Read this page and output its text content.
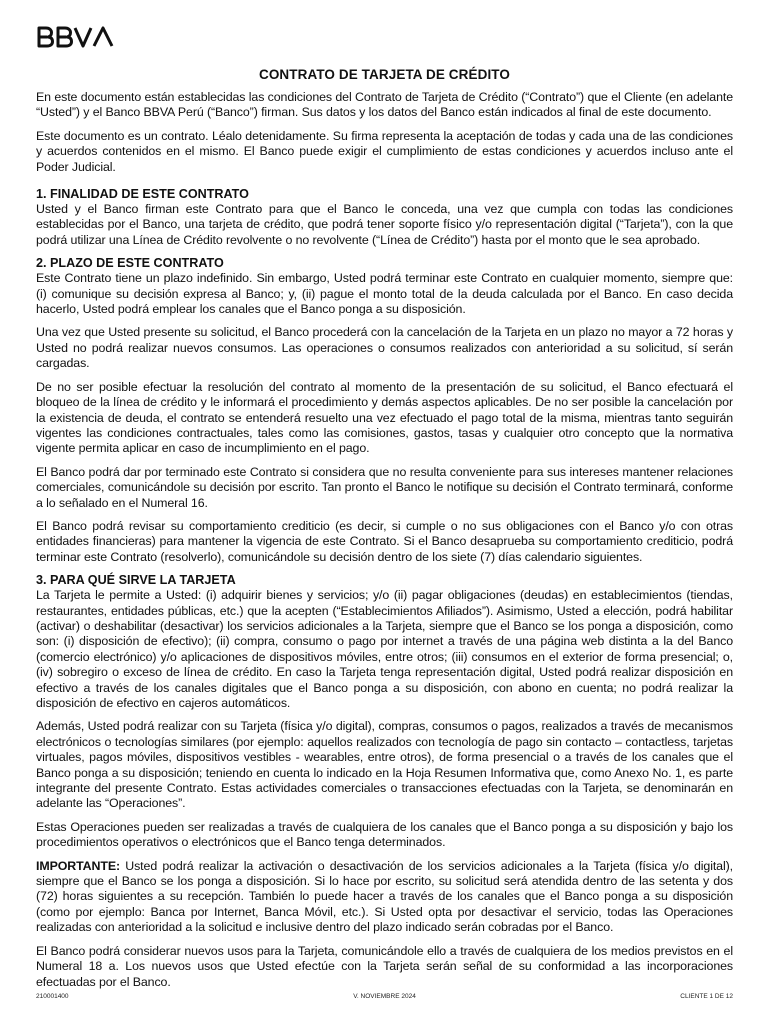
CONTRATO DE TARJETA DE CRÉDITO

En este documento están establecidas las condiciones del Contrato de Tarjeta de Crédito (“Contrato”) que el Cliente (en adelante “Usted”) y el Banco BBVA Perú (“Banco”) firman. Sus datos y los datos del Banco están indicados al final de este documento.

Este documento es un contrato. Léalo detenidamente. Su firma representa la aceptación de todas y cada una de las condiciones y acuerdos contenidos en el mismo. El Banco puede exigir el cumplimiento de estas condiciones y acuerdos incluso ante el Poder Judicial.

1. FINALIDAD DE ESTE CONTRATO

Usted y el Banco firman este Contrato para que el Banco le conceda, una vez que cumpla con todas las condiciones establecidas por el Banco, una tarjeta de crédito, que podrá tener soporte físico y/o representación digital (“Tarjeta”), con la que podrá utilizar una Línea de Crédito revolvente o no revolvente (“Línea de Crédito”) hasta por el monto que le sea aprobado.

2. PLAZO DE ESTE CONTRATO

Este Contrato tiene un plazo indefinido. Sin embargo, Usted podrá terminar este Contrato en cualquier momento, siempre que: (i) comunique su decisión expresa al Banco; y, (ii) pague el monto total de la deuda calculada por el Banco. En caso decida hacerlo, Usted podrá emplear los canales que el Banco ponga a su disposición.

Una vez que Usted presente su solicitud, el Banco procederá con la cancelación de la Tarjeta en un plazo no mayor a 72 horas y Usted no podrá realizar nuevos consumos. Las operaciones o consumos realizados con anterioridad a su solicitud, sí serán cargadas.

De no ser posible efectuar la resolución del contrato al momento de la presentación de su solicitud, el Banco efectuará el bloqueo de la línea de crédito y le informará el procedimiento y demás aspectos aplicables. De no ser posible la cancelación por la existencia de deuda, el contrato se entenderá resuelto una vez efectuado el pago total de la misma, mientras tanto seguirán vigentes las condiciones contractuales, tales como las comisiones, gastos, tasas y cualquier otro concepto que la normativa vigente permita aplicar en caso de incumplimiento en el pago.

El Banco podrá dar por terminado este Contrato si considera que no resulta conveniente para sus intereses mantener relaciones comerciales, comunicándole su decisión por escrito. Tan pronto el Banco le notifique su decisión el Contrato terminará, conforme a lo señalado en el Numeral 16.

El Banco podrá revisar su comportamiento crediticio (es decir, si cumple o no sus obligaciones con el Banco y/o con otras entidades financieras) para mantener la vigencia de este Contrato. Si el Banco desaprueba su comportamiento crediticio, podrá terminar este Contrato (resolverlo), comunicándole su decisión dentro de los siete (7) días calendario siguientes.

3. PARA QUÉ SIRVE LA TARJETA

La Tarjeta le permite a Usted: (i) adquirir bienes y servicios; y/o (ii) pagar obligaciones (deudas) en establecimientos (tiendas, restaurantes, entidades públicas, etc.) que la acepten (“Establecimientos Afiliados”). Asimismo, Usted a elección, podrá habilitar (activar) o deshabilitar (desactivar) los servicios adicionales a la Tarjeta, siempre que el Banco se los ponga a disposición, como son: (i) disposición de efectivo); (ii) compra, consumo o pago por internet a través de una página web distinta a la del Banco (comercio electrónico) y/o aplicaciones de dispositivos móviles, entre otros; (iii) consumos en el exterior de forma presencial; o, (iv) sobregiro o exceso de línea de crédito. En caso la Tarjeta tenga representación digital, Usted podrá realizar disposición en efectivo a través de los canales digitales que el Banco ponga a su disposición, con abono en cuenta; no podrá realizar la disposición de efectivo en cajeros automáticos.

Además, Usted podrá realizar con su Tarjeta (física y/o digital), compras, consumos o pagos, realizados a través de mecanismos electrónicos o tecnologías similares (por ejemplo: aquellos realizados con tecnología de pago sin contacto – contactless, tarjetas virtuales, pagos móviles, dispositivos vestibles - wearables, entre otros), de forma presencial o a través de los canales que el Banco ponga a su disposición; teniendo en cuenta lo indicado en la Hoja Resumen Informativa que, como Anexo No. 1, es parte integrante del presente Contrato. Estas actividades comerciales o transacciones efectuadas con la Tarjeta, se denominarán en adelante las “Operaciones”.

Estas Operaciones pueden ser realizadas a través de cualquiera de los canales que el Banco ponga a su disposición y bajo los procedimientos operativos o electrónicos que el Banco tenga determinados.

IMPORTANTE: Usted podrá realizar la activación o desactivación de los servicios adicionales a la Tarjeta (física y/o digital), siempre que el Banco se los ponga a disposición. Si lo hace por escrito, su solicitud será atendida dentro de las setenta y dos (72) horas siguientes a su recepción. También lo puede hacer a través de los canales que el Banco ponga a su disposición (como por ejemplo: Banca por Internet, Banca Móvil, etc.). Si Usted opta por desactivar el servicio, todas las Operaciones realizadas con anterioridad a la solicitud e inclusive dentro del plazo indicado serán cobradas por el Banco.

El Banco podrá considerar nuevos usos para la Tarjeta, comunicándole ello a través de cualquiera de los medios previstos en el Numeral 18 a. Los nuevos usos que Usted efectúe con la Tarjeta serán señal de su conformidad a las incorporaciones efectuadas por el Banco.

210001400	V. NOVIEMBRE 2024	CLIENTE 1 DE 12
